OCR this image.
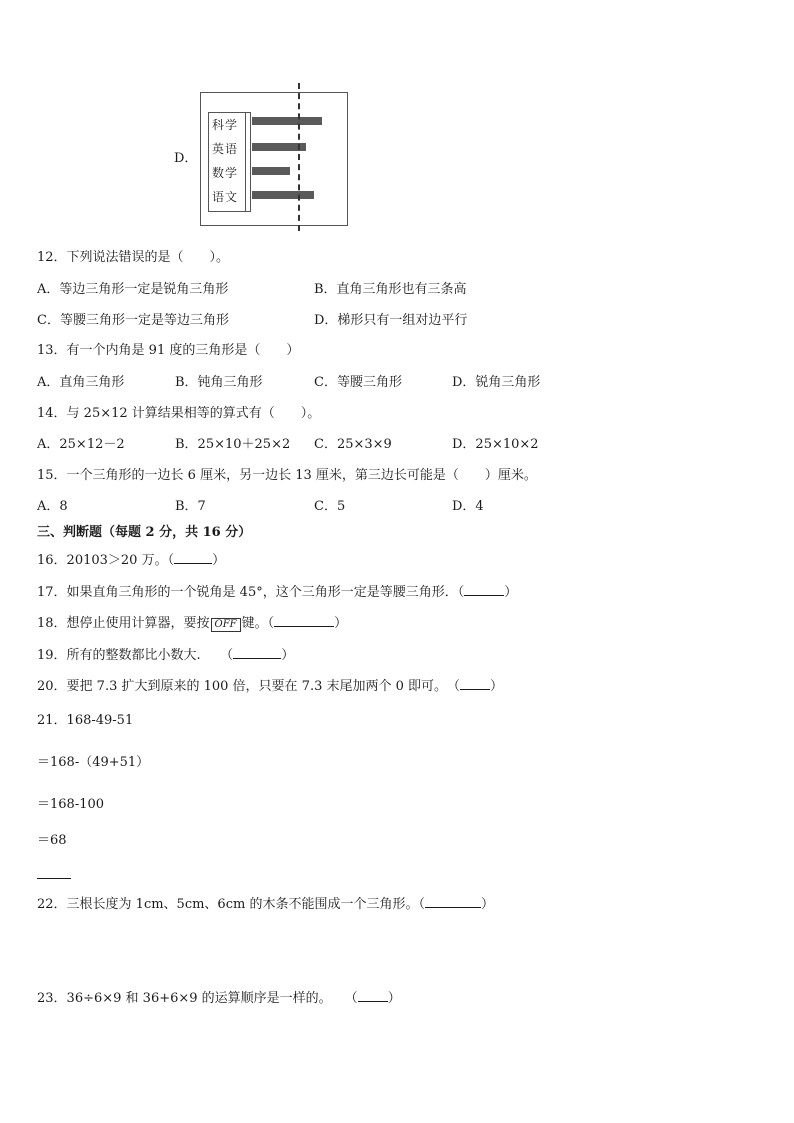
D．
科学
英语
数学
语文
12．下列说法错误的是（　　）。
A．等边三角形一定是锐角三角形	B．直角三角形也有三条高
C．等腰三角形一定是等边三角形	D．梯形只有一组对边平行
13．有一个内角是 91 度的三角形是（　　）
A．直角三角形	B．钝角三角形	C．等腰三角形	D．锐角三角形
14．与 25×12 计算结果相等的算式有（　　）。
A．25×12－2	B．25×10＋25×2 C．25×3×9	D．25×10×2
15．一个三角形的一边长 6 厘米，另一边长 13 厘米，第三边长可能是（　　）厘米。
A．8	B．7	C．5	D．4
三、判断题（每题 2 分，共 16 分）
16．20103＞20 万。（	）
17．如果直角三角形的一个锐角是 45°，这个三角形一定是等腰三角形．（	）
18．想停止使用计算器，要按 OFF 键。（	）
19．所有的整数都比小数大.　　（	）
20．要把 7.3 扩大到原来的 100 倍，只要在 7.3 末尾加两个 0 即可。　（ ）
21．168-49-51
＝168-（49+51）
＝168-100
＝68
22．三根长度为 1cm、5cm、6cm 的木条不能围成一个三角形。（	）
23．36÷6×9 和 36+6×9 的运算顺序是一样的。　　（ ）
